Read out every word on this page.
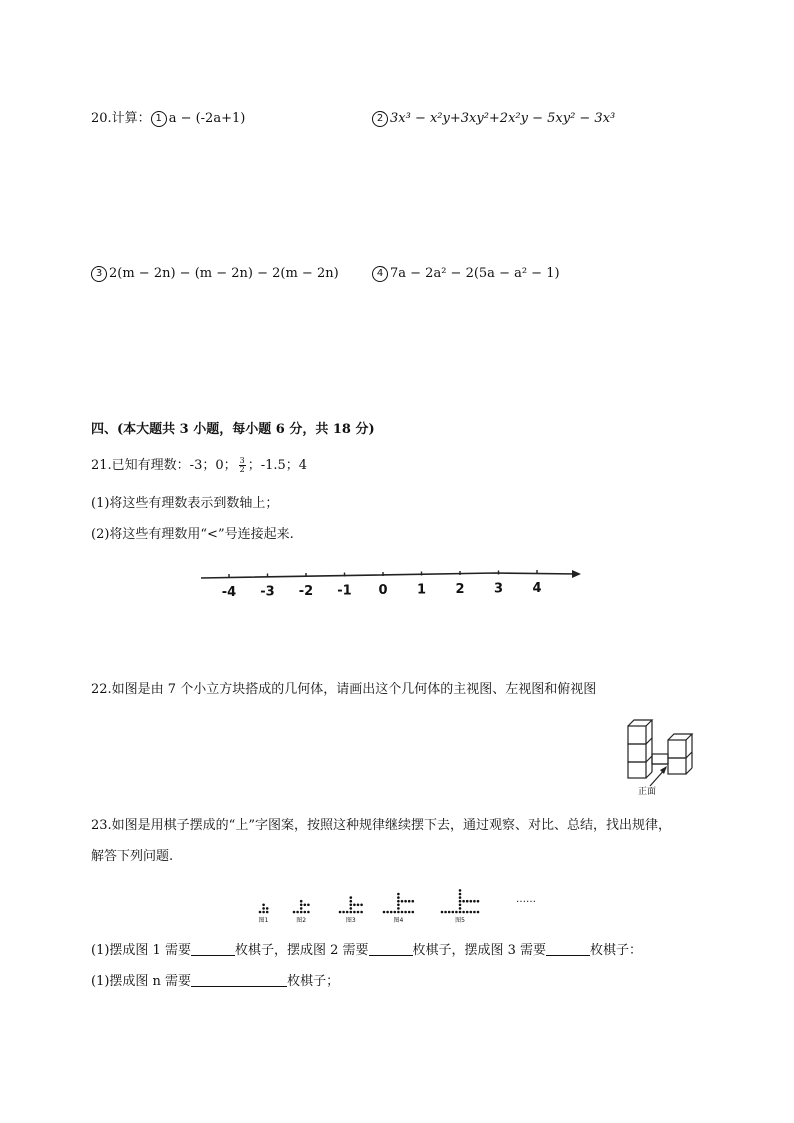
20.计算： 1 a − (-2a+1)	2 3x³ − x²y+3xy²+2x²y − 5xy² − 3x³
3 2(m − 2n) − (m − 2n) − 2(m − 2n)	4 7a − 2a² − 2(5a − a² − 1)
四、(本大题共 3 小题，每小题 6 分，共 18 分)
21.已知有理数：-3；0； $\frac{3}{2}$ ；-1.5；4
(1)将这些有理数表示到数轴上；
(2)将这些有理数用“<”号连接起来.
-4 -3 -2 -1 0 1 2 3 4
22.如图是由 7 个小立方块搭成的几何体，请画出这个几何体的主视图、左视图和俯视图
正面
23.如图是用棋子摆成的“上”字图案，按照这种规律继续摆下去，通过观察、对比、总结，找出规律，
解答下列问题.
图1	图2	图3	图4	图5
……
(1)摆成图 1 需要	枚棋子，摆成图 2 需要	枚棋子，摆成图 3 需要	枚棋子：
(1)摆成图 n 需要	枚棋子；
